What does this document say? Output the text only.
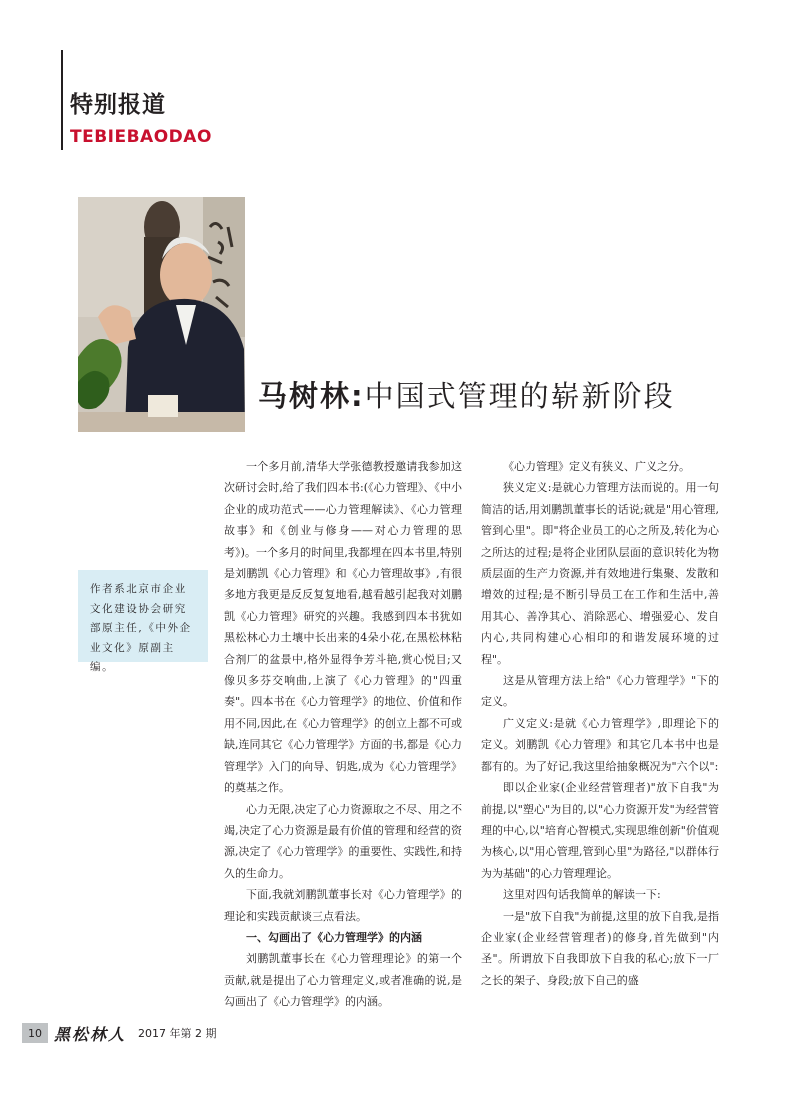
特别报道
TEBIEBAODAO
马树林:中国式管理的崭新阶段
作者系北京市企业文化建设协会研究部原主任,《中外企业文化》原副主编。

一个多月前,清华大学张德教授邀请我参加这次研讨会时,给了我们四本书:(《心力管理》、《中小企业的成功范式——心力管理解读》、《心力管理故事》和《创业与修身——对心力管理的思考》)。一个多月的时间里,我都埋在四本书里,特别是刘鹏凯《心力管理》和《心力管理故事》,有很多地方我更是反反复复地看,越看越引起我对刘鹏凯《心力管理》研究的兴趣。我感到四本书犹如黑松林心力土壤中长出来的4朵小花,在黑松林粘合剂厂的盆景中,格外显得争芳斗艳,赏心悦目;又像贝多芬交响曲,上演了《心力管理》的"四重奏"。四本书在《心力管理学》的地位、价值和作用不同,因此,在《心力管理学》的创立上都不可或缺,连同其它《心力管理学》方面的书,都是《心力管理学》入门的向导、钥匙,成为《心力管理学》的奠基之作。

心力无限,决定了心力资源取之不尽、用之不竭,决定了心力资源是最有价值的管理和经营的资源,决定了《心力管理学》的重要性、实践性,和持久的生命力。

下面,我就刘鹏凯董事长对《心力管理学》的理论和实践贡献谈三点看法。

一、勾画出了《心力管理学》的内涵

刘鹏凯董事长在《心力管理理论》的第一个贡献,就是提出了心力管理定义,或者准确的说,是勾画出了《心力管理学》的内涵。

《心力管理》定义有狭义、广义之分。

狭义定义:是就心力管理方法而说的。用一句简洁的话,用刘鹏凯董事长的话说;就是"用心管理,管到心里"。即"将企业员工的心之所及,转化为心之所达的过程;是将企业团队层面的意识转化为物质层面的生产力资源,并有效地进行集聚、发散和增效的过程;是不断引导员工在工作和生活中,善用其心、善净其心、消除恶心、增强爱心、发自内心,共同构建心心相印的和谐发展环境的过程"。

这是从管理方法上给"《心力管理学》"下的定义。

广义定义:是就《心力管理学》,即理论下的定义。刘鹏凯《心力管理》和其它几本书中也是都有的。为了好记,我这里给抽象概况为"六个以":

即以企业家(企业经营管理者)"放下自我"为前提,以"塑心"为目的,以"心力资源开发"为经营管理的中心,以"培育心智模式,实现思维创新"价值观为核心,以"用心管理,管到心里"为路径,"以群体行为为基础"的心力管理理论。

这里对四句话我简单的解读一下:

一是"放下自我"为前提,这里的放下自我,是指企业家(企业经营管理者)的修身,首先做到"内圣"。所谓放下自我即放下自我的私心;放下一厂之长的架子、身段;放下自己的盛

10 黑松林人 2017 年第 2 期
